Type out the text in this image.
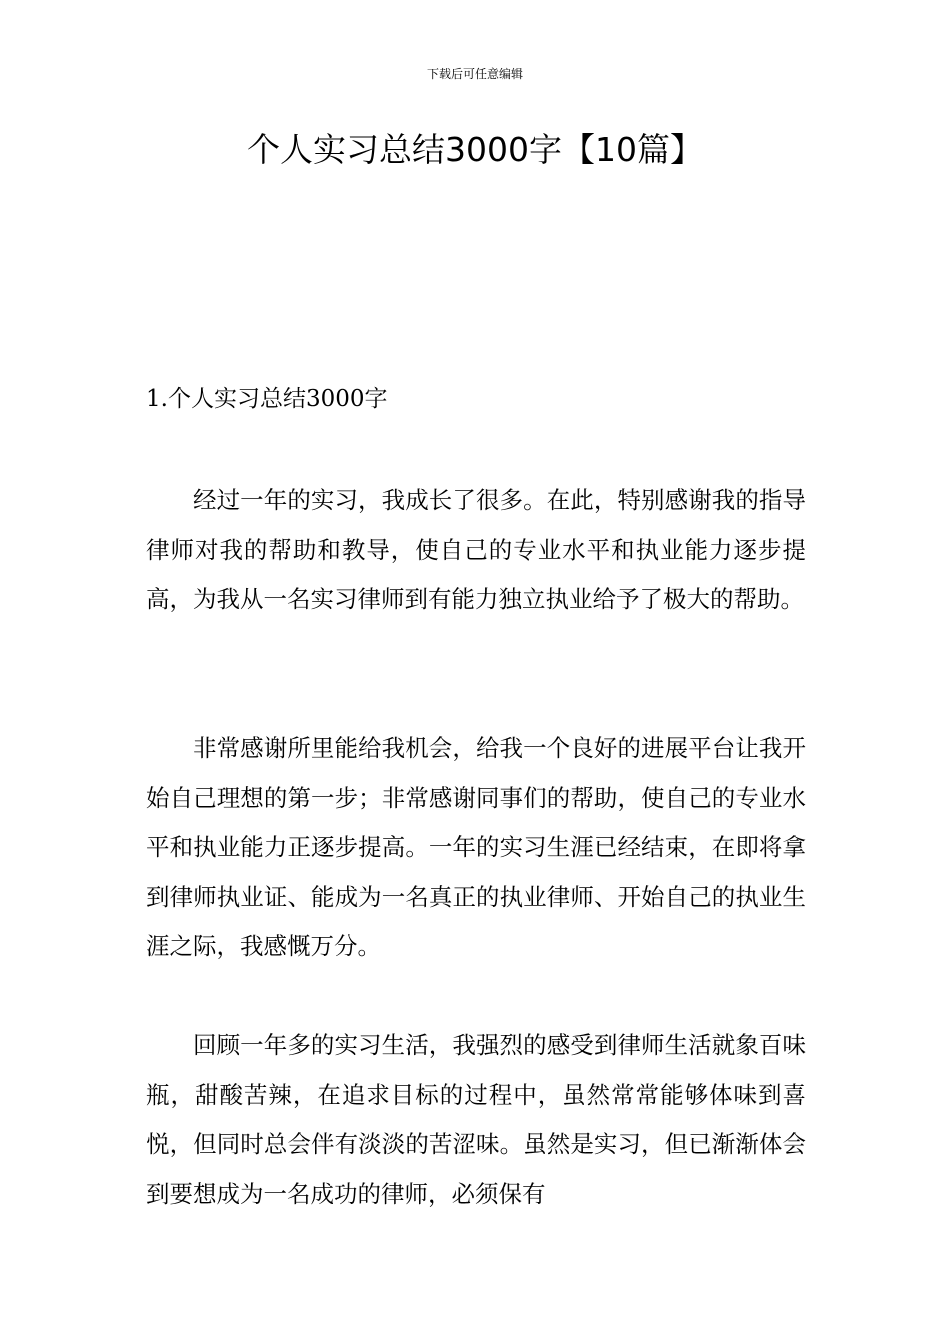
下载后可任意编辑
个人实习总结3000字【10篇】
1.个人实习总结3000字

经过一年的实习，我成长了很多。在此，特别感谢我的指导律师对我的帮助和教导，使自己的专业水平和执业能力逐步提高，为我从一名实习律师到有能力独立执业给予了极大的帮助。

非常感谢所里能给我机会，给我一个良好的进展平台让我开始自己理想的第一步；非常感谢同事们的帮助，使自己的专业水平和执业能力正逐步提高。一年的实习生涯已经结束，在即将拿到律师执业证、能成为一名真正的执业律师、开始自己的执业生涯之际，我感慨万分。

回顾一年多的实习生活，我强烈的感受到律师生活就象百味瓶，甜酸苦辣，在追求目标的过程中，虽然常常能够体味到喜悦，但同时总会伴有淡淡的苦涩味。虽然是实习，但已渐渐体会到要想成为一名成功的律师，必须保有
